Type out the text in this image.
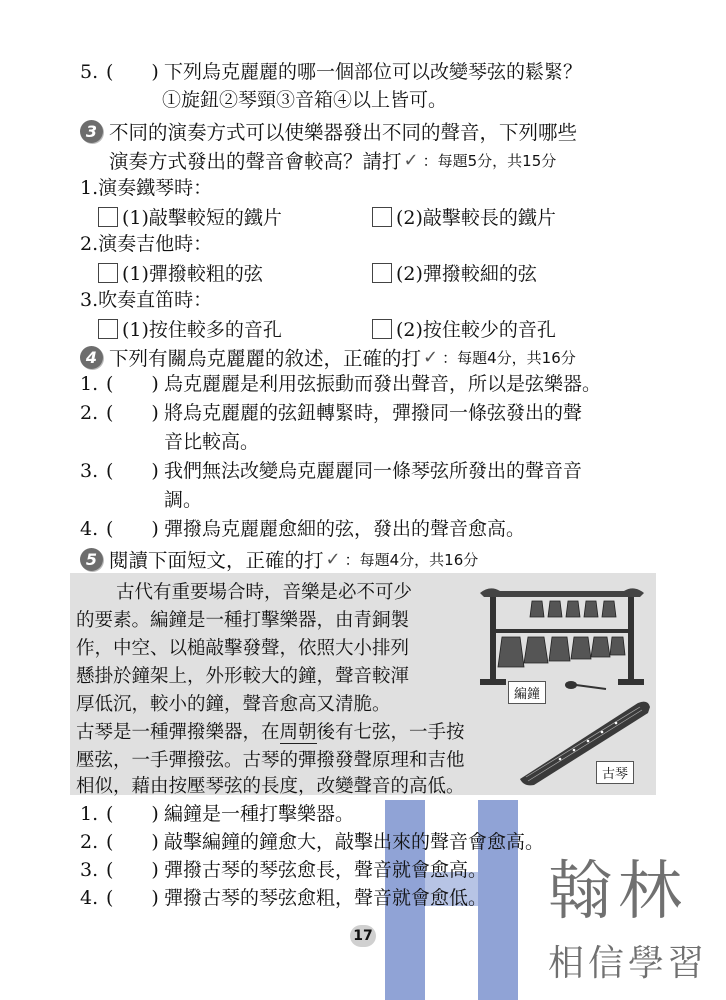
5. (　　) 下列烏克麗麗的哪一個部位可以改變琴弦的鬆緊？
①旋鈕②琴頸③音箱④以上皆可。
3 不同的演奏方式可以使樂器發出不同的聲音，下列哪些
演奏方式發出的聲音會較高？請打 ✓ ：每題5分，共15分
1.演奏鐵琴時：
(1)敲擊較短的鐵片	(2)敲擊較長的鐵片
2.演奏吉他時：
(1)彈撥較粗的弦	(2)彈撥較細的弦
3.吹奏直笛時：
(1)按住較多的音孔	(2)按住較少的音孔
4 下列有關烏克麗麗的敘述，正確的打 ✓ ：每題4分，共16分
1. (　　) 烏克麗麗是利用弦振動而發出聲音，所以是弦樂器。
2. (　　) 將烏克麗麗的弦鈕轉緊時，彈撥同一條弦發出的聲
音比較高。
3. (　　) 我們無法改變烏克麗麗同一條琴弦所發出的聲音音
調。
4. (　　) 彈撥烏克麗麗愈細的弦，發出的聲音愈高。
5 閱讀下面短文，正確的打 ✓ ：每題4分，共16分
古代有重要場合時，音樂是必不可少
的要素。編鐘是一種打擊樂器，由青銅製
作，中空、以槌敲擊發聲，依照大小排列
懸掛於鐘架上，外形較大的鐘，聲音較渾
厚低沉，較小的鐘，聲音愈高又清脆。
古琴是一種彈撥樂器，在周朝後有七弦，一手按
壓弦，一手彈撥弦。古琴的彈撥發聲原理和吉他
相似，藉由按壓琴弦的長度，改變聲音的高低。
編鐘
古琴
1. (　　) 編鐘是一種打擊樂器。
2. (　　) 敲擊編鐘的鐘愈大，敲擊出來的聲音會愈高。
3. (　　) 彈撥古琴的琴弦愈長，聲音就會愈高。
4. (　　) 彈撥古琴的琴弦愈粗，聲音就會愈低。
17
翰林
相信學習
